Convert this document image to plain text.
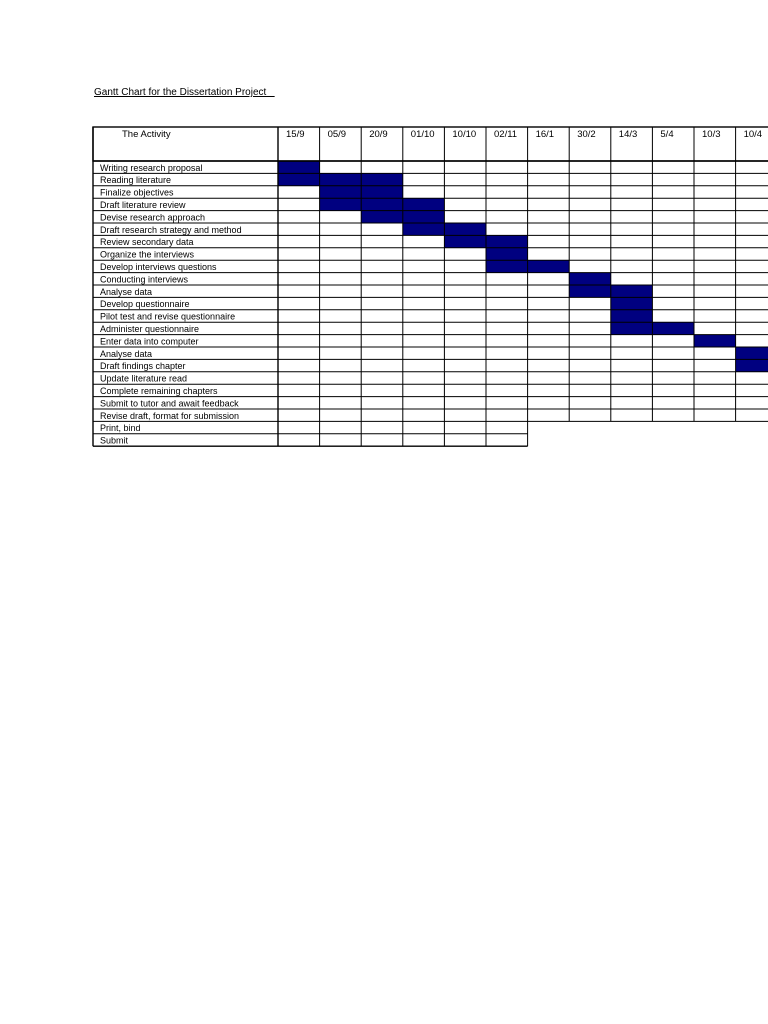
Gantt Chart for the Dissertation Project
The Activity	15/9 05/9 20/9 01/10 10/10 02/11 16/1 30/2 14/3 5/4	10/3 10/4
Writing research proposal
Reading literature
Finalize objectives
Draft literature review
Devise research approach
Draft research strategy and method
Review secondary data
Organize the interviews
Develop interviews questions
Conducting interviews
Analyse data
Develop questionnaire
Pilot test and revise questionnaire
Administer questionnaire
Enter data into computer
Analyse data
Draft findings chapter
Update literature read
Complete remaining chapters
Submit to tutor and await feedback
Revise draft, format for submission
Print, bind
Submit
